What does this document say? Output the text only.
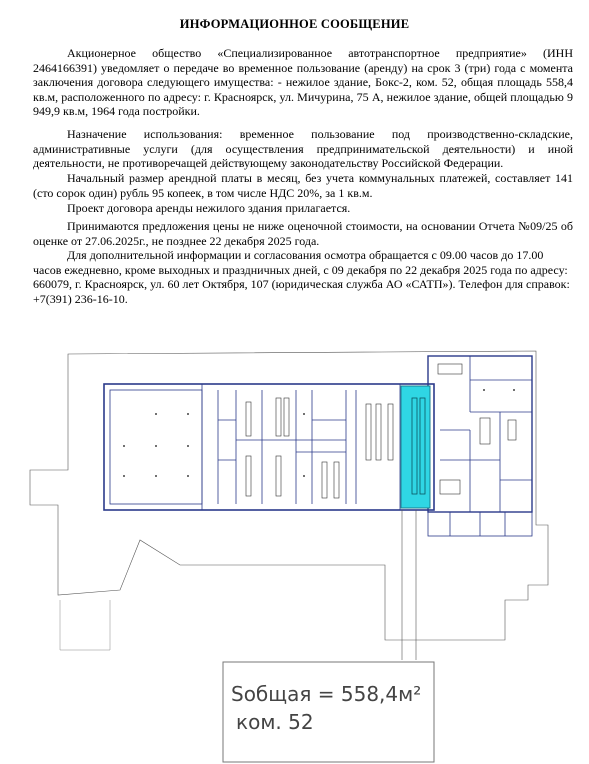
ИНФОРМАЦИОННОЕ СООБЩЕНИЕ
Акционерное общество «Специализированное автотранспортное предприятие» (ИНН 2464166391) уведомляет о передаче во временное пользование (аренду) на срок 3 (три) года с момента заключения договора следующего имущества: - нежилое здание, Бокс-2, ком. 52, общая площадь 558,4 кв.м, расположенного по адресу: г. Красноярск, ул. Мичурина, 75 А, нежилое здание, общей площадью 9 949,9 кв.м, 1964 года постройки.
Назначение использования: временное пользование под производственно-складские, административные услуги (для осуществления предпринимательской деятельности) и иной деятельности, не противоречащей действующему законодательству Российской Федерации.
Начальный размер арендной платы в месяц, без учета коммунальных платежей, составляет 141 (сто сорок один) рубль 95 копеек, в том числе НДС 20%, за 1 кв.м.
Проект договора аренды нежилого здания прилагается.
Принимаются предложения цены не ниже оценочной стоимости, на основании Отчета №09/25 об оценке от 27.06.2025г., не позднее 22 декабря 2025 года.
Для дополнительной информации и согласования осмотра обращается с 09.00 часов до 17.00 часов ежедневно, кроме выходных и праздничных дней, с 09 декабря по 22 декабря 2025 года по адресу: 660079, г. Красноярск, ул. 60 лет Октября, 107 (юридическая служба АО «САТП»). Телефон для справок: +7(391) 236-16-10.
Sобщая = 558,4м²
ком. 52
